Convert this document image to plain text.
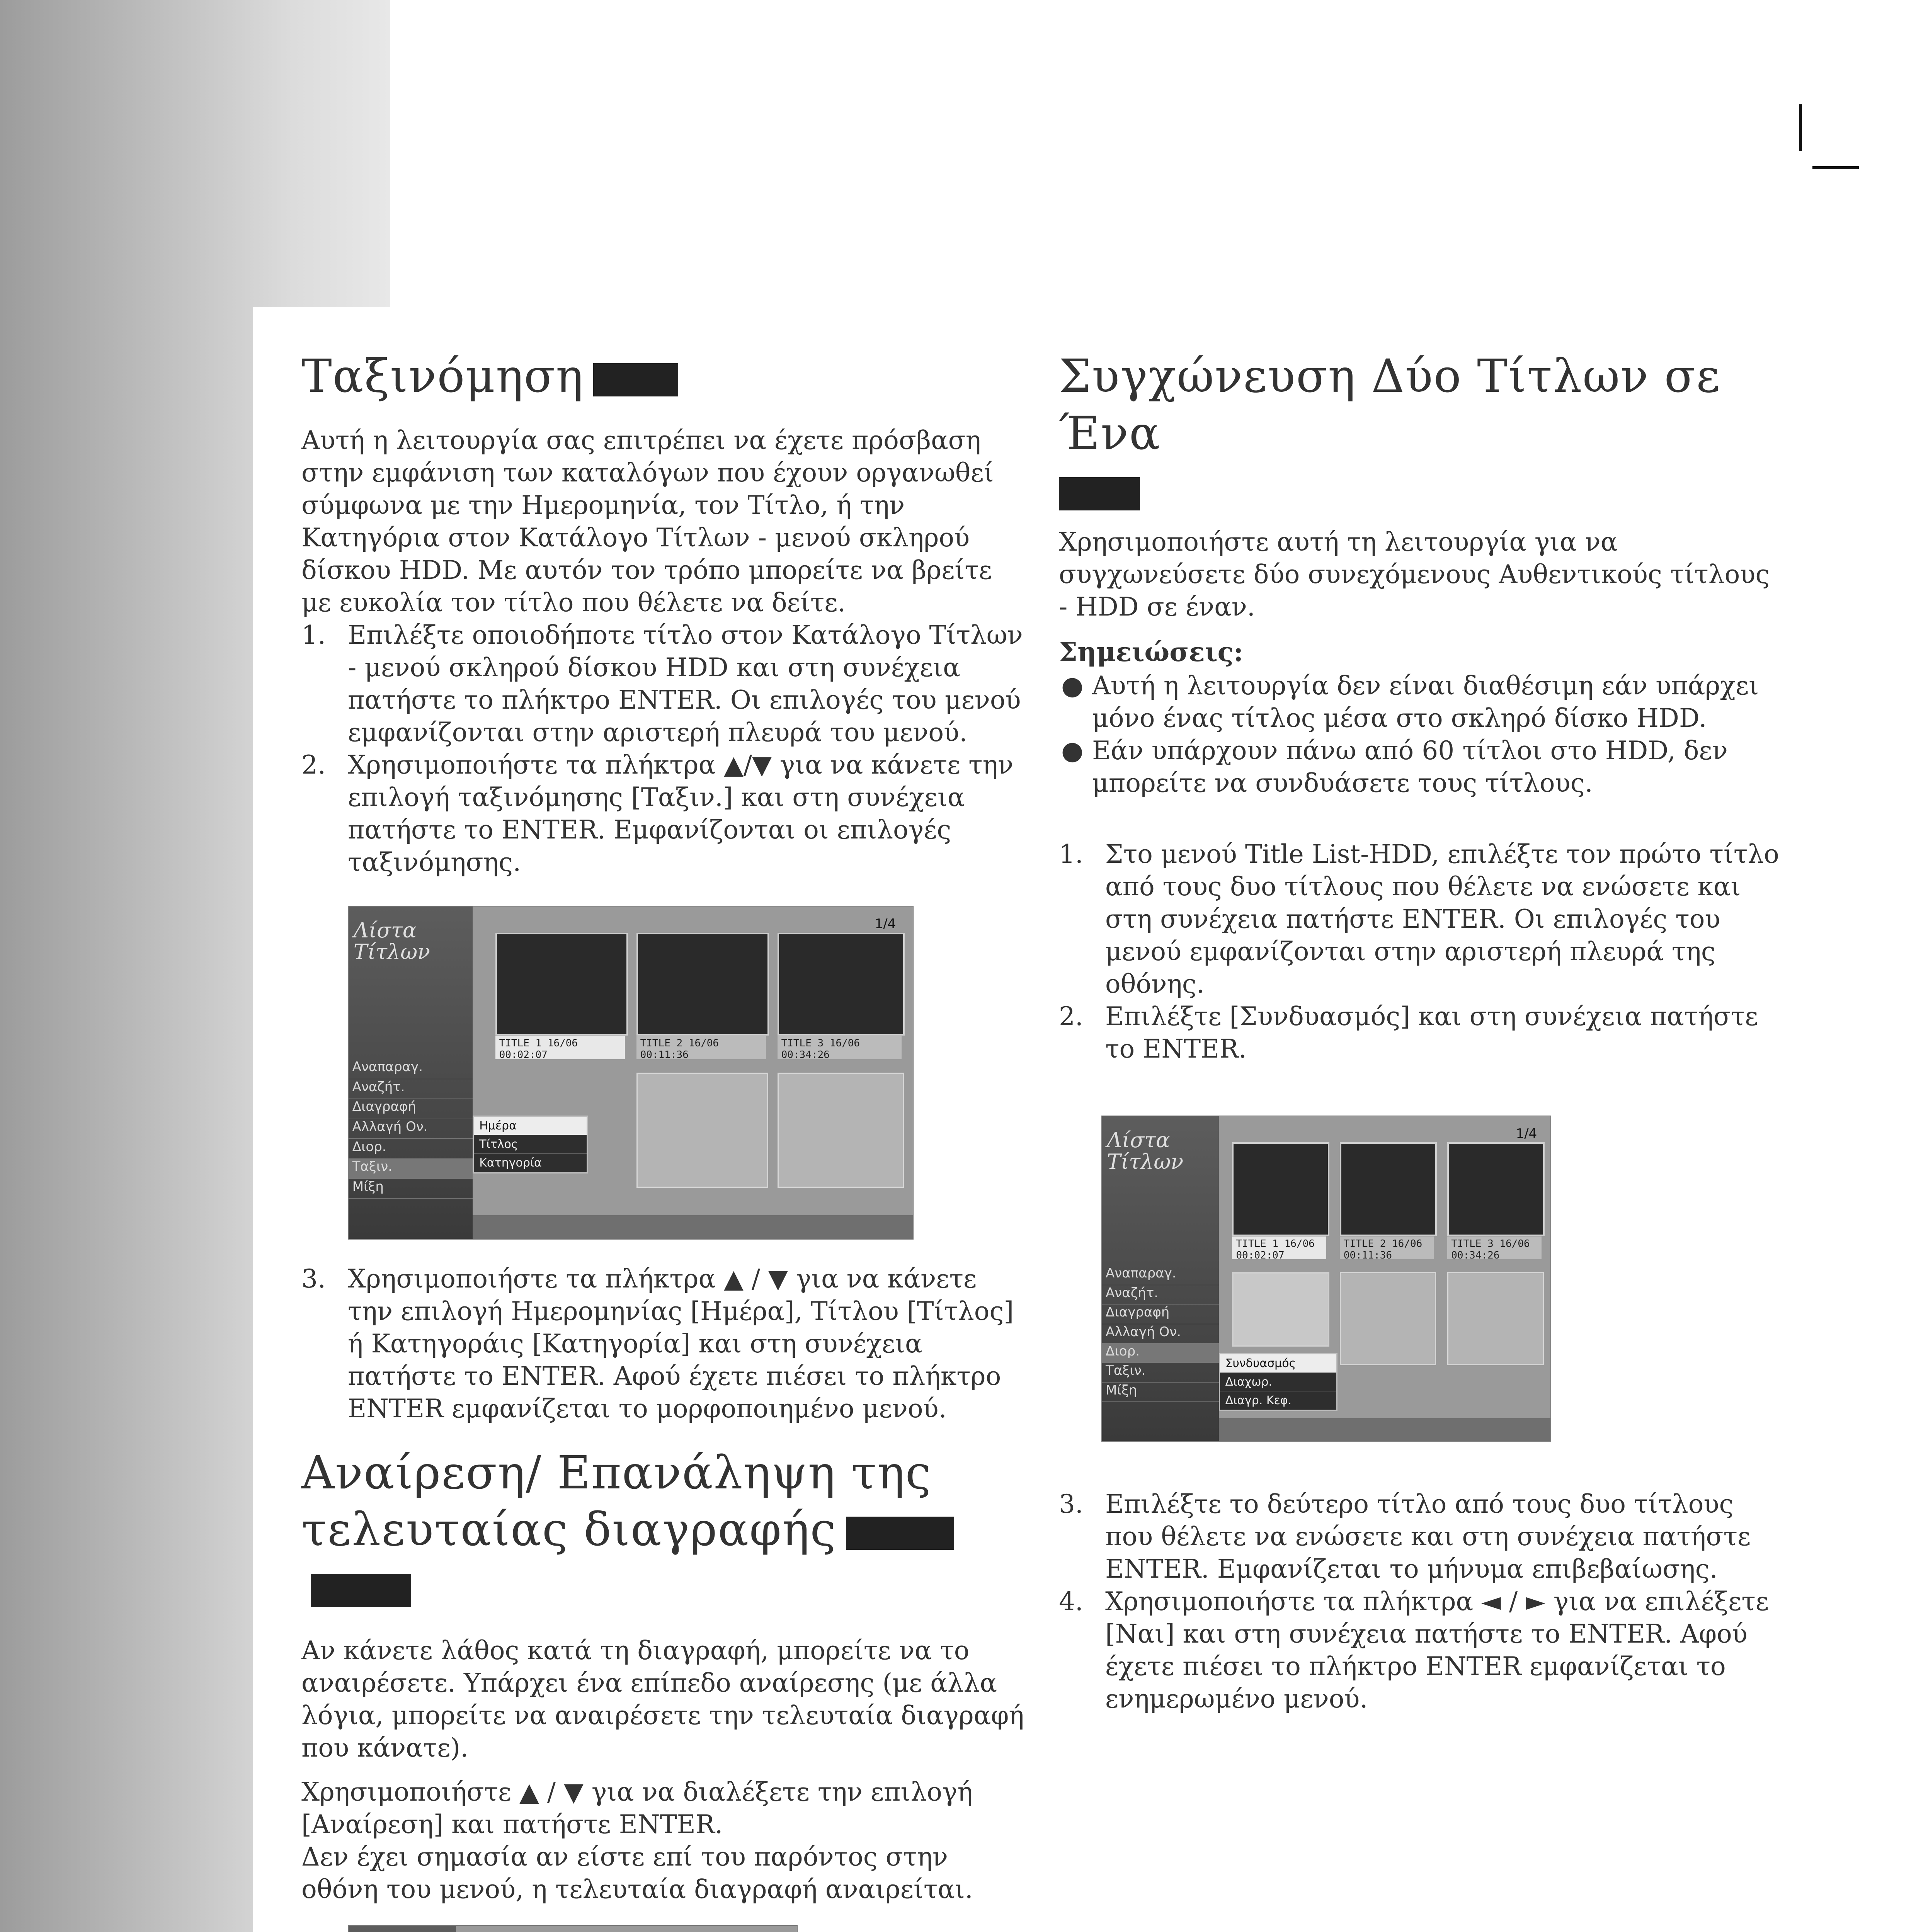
Ταξινόμηση

Αυτή η λειτουργία σας επιτρέπει να έχετε πρόσβαση στην εμφάνιση των καταλόγων που έχουν οργανωθεί σύμφωνα με την Ημερομηνία, τον Τίτλο, ή την Κατηγόρια στον Κατάλογο Τίτλων - μενού σκληρού δίσκου HDD. Με αυτόν τον τρόπο μπορείτε να βρείτε με ευκολία τον τίτλο που θέλετε να δείτε.

1. Επιλέξτε οποιοδήποτε τίτλο στον Κατάλογο Τίτλων - μενού σκληρού δίσκου HDD και στη συνέχεια πατήστε το πλήκτρο ENTER. Οι επιλογές του μενού εμφανίζονται στην αριστερή πλευρά του μενού.
2. Χρησιμοποιήστε τα πλήκτρα ▲/▼ για να κάνετε την επιλογή ταξινόμησης [Ταξιν.] και στη συνέχεια πατήστε το ENTER. Εμφανίζονται οι επιλογές ταξινόμησης.
Λίστα Τίτλων
Αναπαραγ.
Αναζήτ.
Διαγραφή
Αλλαγή Ον.
Διορ.
Ταξιν.
Μίξη
1/4
TITLE 1 16/06 00:02:07
TITLE 2 16/06 00:11:36
TITLE 3 16/06 00:34:26
Ημέρα
Τίτλος
Κατηγορία
3. Χρησιμοποιήστε τα πλήκτρα ▲ / ▼ για να κάνετε την επιλογή Ημερομηνίας [Ημέρα], Τίτλου [Τίτλος] ή Κατηγοράις [Κατηγορία] και στη συνέχεια πατήστε το ENTER. Αφού έχετε πιέσει το πλήκτρο ENTER εμφανίζεται το μορφοποιημένο μενού.
Αναίρεση/ Επανάληψη της
τελευταίας διαγραφής

Αν κάνετε λάθος κατά τη διαγραφή, μπορείτε να το αναιρέσετε. Υπάρχει ένα επίπεδο αναίρεσης (με άλλα λόγια, μπορείτε να αναιρέσετε την τελευταία διαγραφή που κάνατε).

Χρησιμοποιήστε ▲ / ▼ για να διαλέξετε την επιλογή [Αναίρεση] και πατήστε ENTER.

Δεν έχει σημασία αν είστε επί του παρόντος στην οθόνη του μενού, η τελευταία διαγραφή αναιρείται.

Συγχώνευση Δύο Τίτλων σε Ένα

Χρησιμοποιήστε αυτή τη λειτουργία για να συγχωνεύσετε δύο συνεχόμενους Αυθεντικούς τίτλους - HDD σε έναν.

Σημειώσεις:
● Αυτή η λειτουργία δεν είναι διαθέσιμη εάν υπάρχει μόνο ένας τίτλος μέσα στο σκληρό δίσκο HDD.
● Εάν υπάρχουν πάνω από 60 τίτλοι στο HDD, δεν μπορείτε να συνδυάσετε τους τίτλους.
1. Στο μενού Title List-HDD, επιλέξτε τον πρώτο τίτλο από τους δυο τίτλους που θέλετε να ενώσετε και στη συνέχεια πατήστε ENTER. Οι επιλογές του μενού εμφανίζονται στην αριστερή πλευρά της οθόνης.
2. Επιλέξτε [Συνδυασμός] και στη συνέχεια πατήστε το ENTER.
Λίστα Τίτλων
Αναπαραγ.
Αναζήτ.
Διαγραφή
Αλλαγή Ον.
Διορ.
Ταξιν.
Μίξη
1/4
TITLE 1 16/06 00:02:07
TITLE 2 16/06 00:11:36
TITLE 3 16/06 00:34:26
Συνδυασμός
Διαχωρ.
Διαγρ. Κεφ.
3. Επιλέξτε το δεύτερο τίτλο από τους δυο τίτλους που θέλετε να ενώσετε και στη συνέχεια πατήστε ENTER. Εμφανίζεται το μήνυμα επιβεβαίωσης.
4. Χρησιμοποιήστε τα πλήκτρα ◄ / ► για να επιλέξετε [Ναι] και στη συνέχεια πατήστε το ENTER. Αφού έχετε πιέσει το πλήκτρο ENTER εμφανίζεται το ενημερωμένο μενού.
